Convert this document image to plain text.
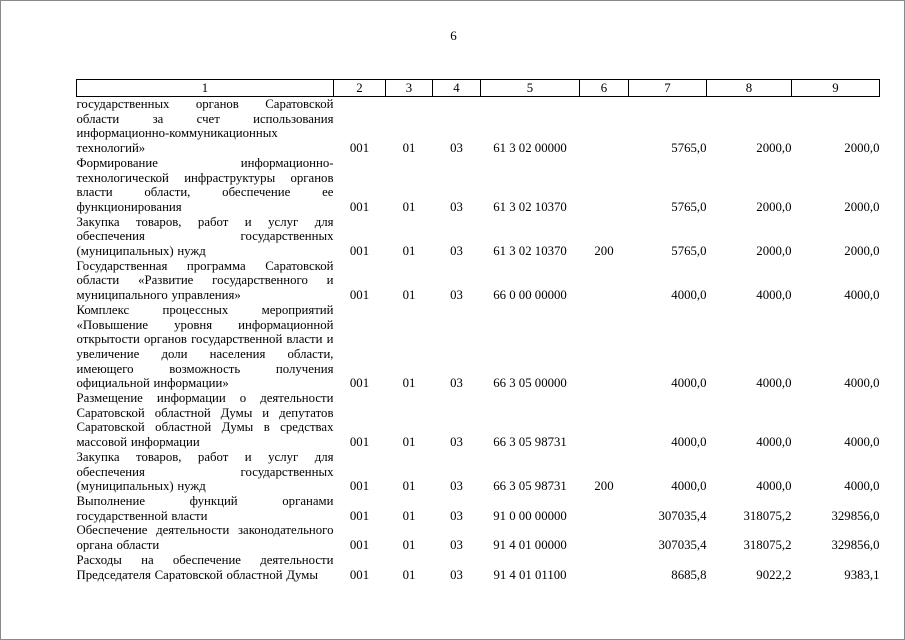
6
1	2	3	4	5	6	7	8	9
государственных органов Саратовской области за счет использования информационно-коммуникационных технологий»	001	01	03	61 3 02 00000		5765,0	2000,0	2000,0
Формирование информационно-технологической инфраструктуры органов власти области, обеспечение ее функционирования	001	01	03	61 3 02 10370		5765,0	2000,0	2000,0
Закупка товаров, работ и услуг для обеспечения государственных (муниципальных) нужд	001	01	03	61 3 02 10370	200	5765,0	2000,0	2000,0
Государственная программа Саратовской области «Развитие государственного и муниципального управления»	001	01	03	66 0 00 00000		4000,0	4000,0	4000,0
Комплекс процессных мероприятий «Повышение уровня информационной открытости органов государственной власти и увеличение доли населения области, имеющего возможность получения официальной информации»	001	01	03	66 3 05 00000		4000,0	4000,0	4000,0
Размещение информации о деятельности Саратовской областной Думы и депутатов Саратовской областной Думы в средствах массовой информации	001	01	03	66 3 05 98731		4000,0	4000,0	4000,0
Закупка товаров, работ и услуг для обеспечения государственных (муниципальных) нужд	001	01	03	66 3 05 98731	200	4000,0	4000,0	4000,0
Выполнение функций органами государственной власти	001	01	03	91 0 00 00000		307035,4	318075,2	329856,0
Обеспечение деятельности законодательного органа области	001	01	03	91 4 01 00000		307035,4	318075,2	329856,0
Расходы на обеспечение деятельности Председателя Саратовской областной Думы	001	01	03	91 4 01 01100		8685,8	9022,2	9383,1
